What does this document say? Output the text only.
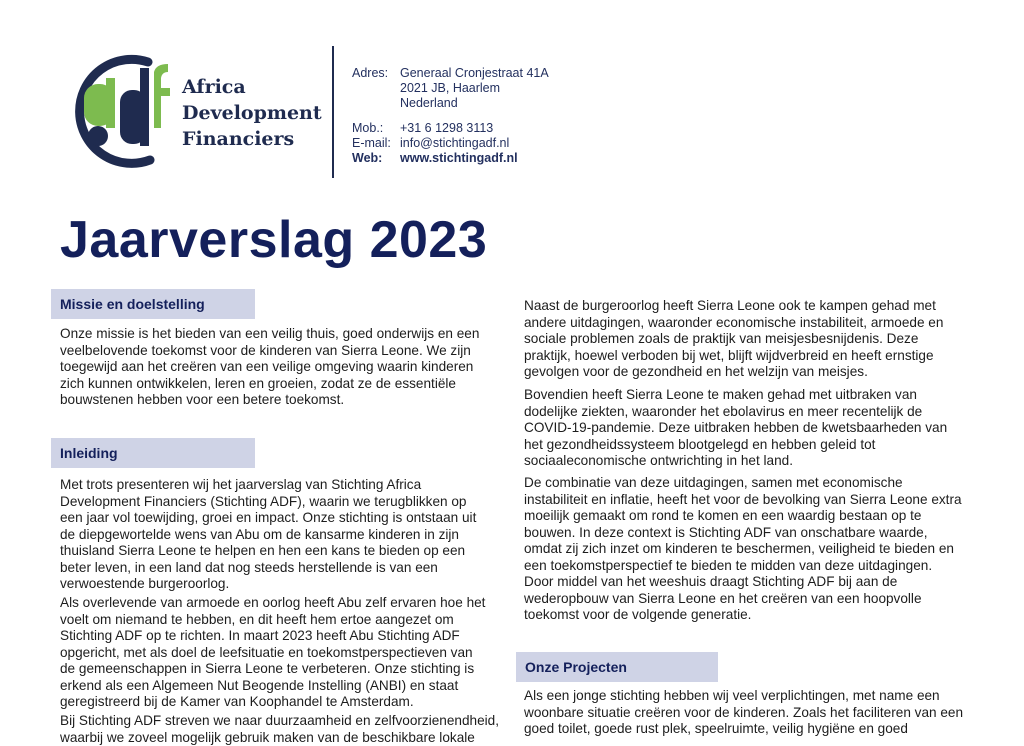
Africa
Development
Financiers
Adres: Generaal Cronjestraat 41A
2021 JB, Haarlem
Nederland
Mob.:	+31 6 1298 3113
E-mail: info@stichtingadf.nl
Web:	www.stichtingadf.nl
Jaarverslag 2023
Missie en doelstelling

Onze missie is het bieden van een veilig thuis, goed onderwijs en een veelbelovende toekomst voor de kinderen van Sierra Leone. We zijn toegewijd aan het creëren van een veilige omgeving waarin kinderen zich kunnen ontwikkelen, leren en groeien, zodat ze de essentiële bouwstenen hebben voor een betere toekomst.

Inleiding

Met trots presenteren wij het jaarverslag van Stichting Africa Development Financiers (Stichting ADF), waarin we terugblikken op een jaar vol toewijding, groei en impact. Onze stichting is ontstaan uit de diepgewortelde wens van Abu om de kansarme kinderen in zijn thuisland Sierra Leone te helpen en hen een kans te bieden op een beter leven, in een land dat nog steeds herstellende is van een verwoestende burgeroorlog.

Als overlevende van armoede en oorlog heeft Abu zelf ervaren hoe het voelt om niemand te hebben, en dit heeft hem ertoe aangezet om Stichting ADF op te richten. In maart 2023 heeft Abu Stichting ADF opgericht, met als doel de leefsituatie en toekomstperspectieven van de gemeenschappen in Sierra Leone te verbeteren. Onze stichting is erkend als een Algemeen Nut Beogende Instelling (ANBI) en staat geregistreerd bij de Kamer van Koophandel te Amsterdam.

Bij Stichting ADF streven we naar duurzaamheid en zelfvoorzienendheid, waarbij we zoveel mogelijk gebruik maken van de beschikbare lokale

Naast de burgeroorlog heeft Sierra Leone ook te kampen gehad met andere uitdagingen, waaronder economische instabiliteit, armoede en sociale problemen zoals de praktijk van meisjesbesnijdenis. Deze praktijk, hoewel verboden bij wet, blijft wijdverbreid en heeft ernstige gevolgen voor de gezondheid en het welzijn van meisjes.

Bovendien heeft Sierra Leone te maken gehad met uitbraken van dodelijke ziekten, waaronder het ebolavirus en meer recentelijk de COVID-19-pandemie. Deze uitbraken hebben de kwetsbaarheden van het gezondheidssysteem blootgelegd en hebben geleid tot sociaaleconomische ontwrichting in het land.

De combinatie van deze uitdagingen, samen met economische instabiliteit en inflatie, heeft het voor de bevolking van Sierra Leone extra moeilijk gemaakt om rond te komen en een waardig bestaan op te bouwen. In deze context is Stichting ADF van onschatbare waarde, omdat zij zich inzet om kinderen te beschermen, veiligheid te bieden en een toekomstperspectief te bieden te midden van deze uitdagingen. Door middel van het weeshuis draagt Stichting ADF bij aan de wederopbouw van Sierra Leone en het creëren van een hoopvolle toekomst voor de volgende generatie.

Onze Projecten

Als een jonge stichting hebben wij veel verplichtingen, met name een woonbare situatie creëren voor de kinderen. Zoals het faciliteren van een goed toilet, goede rust plek, speelruimte, veilig hygiëne en goed
